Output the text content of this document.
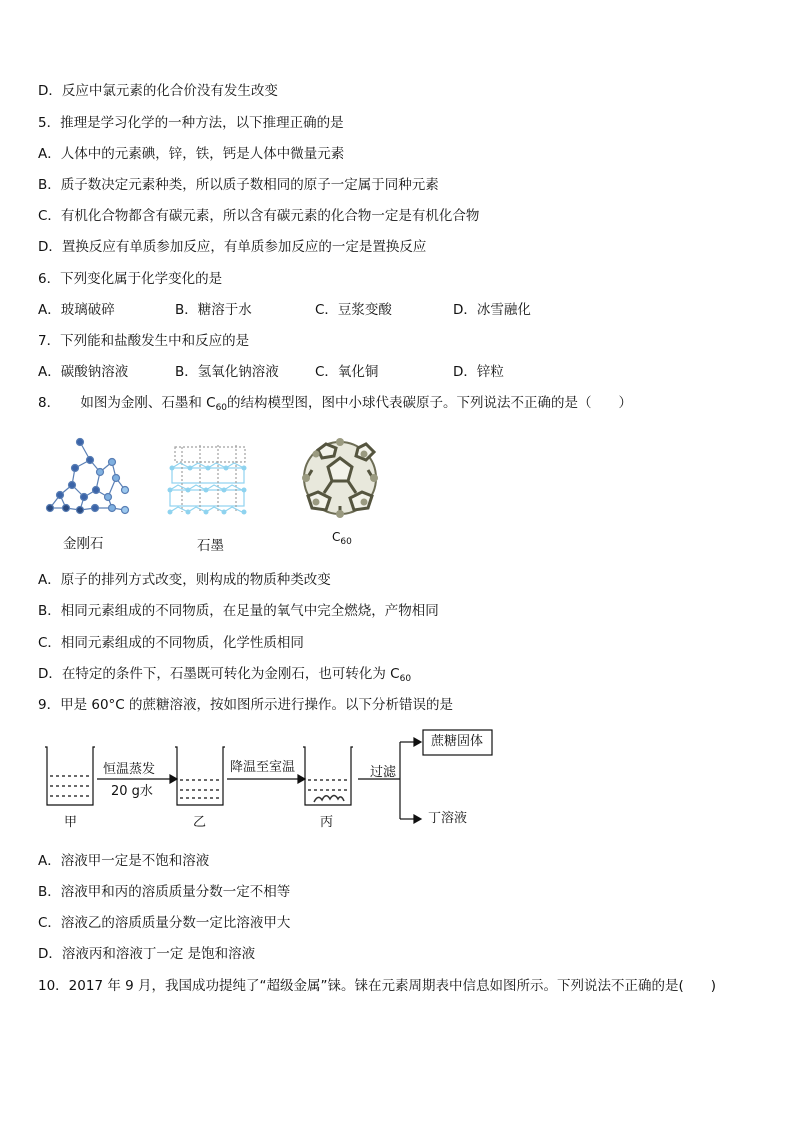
D．反应中氯元素的化合价没有发生改变
5．推理是学习化学的一种方法，以下推理正确的是
A．人体中的元素碘，锌，铁，钙是人体中微量元素
B．质子数决定元素种类，所以质子数相同的原子一定属于同种元素
C．有机化合物都含有碳元素，所以含有碳元素的化合物一定是有机化合物
D．置换反应有单质参加反应，有单质参加反应的一定是置换反应
6．下列变化属于化学变化的是
A．玻璃破碎	B．糖溶于水	C．豆浆变酸	D．冰雪融化
7．下列能和盐酸发生中和反应的是
A．碳酸钠溶液	B．氢氧化钠溶液	C．氧化铜	D．锌粒
8．　　如图为金刚、石墨和 $C_{60}$的结构模型图，图中小球代表碳原子。下列说法不正确的是（　　）
金刚石	石墨
$C_{60}$
A．原子的排列方式改变，则构成的物质种类改变
B．相同元素组成的不同物质，在足量的氧气中完全燃烧，产物相同
C．相同元素组成的不同物质，化学性质相同
D．在特定的条件下，石墨既可转化为金刚石，也可转化为 $C_{60}$
9．甲是 60°C 的蔗糖溶液，按如图所示进行操作。以下分析错误的是
恒温蒸发
20 g水
降温至室温	过滤
蔗糖固体
丁溶液
甲	乙	丙
A．溶液甲一定是不饱和溶液
B．溶液甲和丙的溶质质量分数一定不相等
C．溶液乙的溶质质量分数一定比溶液甲大
D．溶液丙和溶液丁一定 是饱和溶液
10．2017 年 9 月，我国成功提纯了“超级金属”铼。铼在元素周期表中信息如图所示。下列说法不正确的是(　　)
